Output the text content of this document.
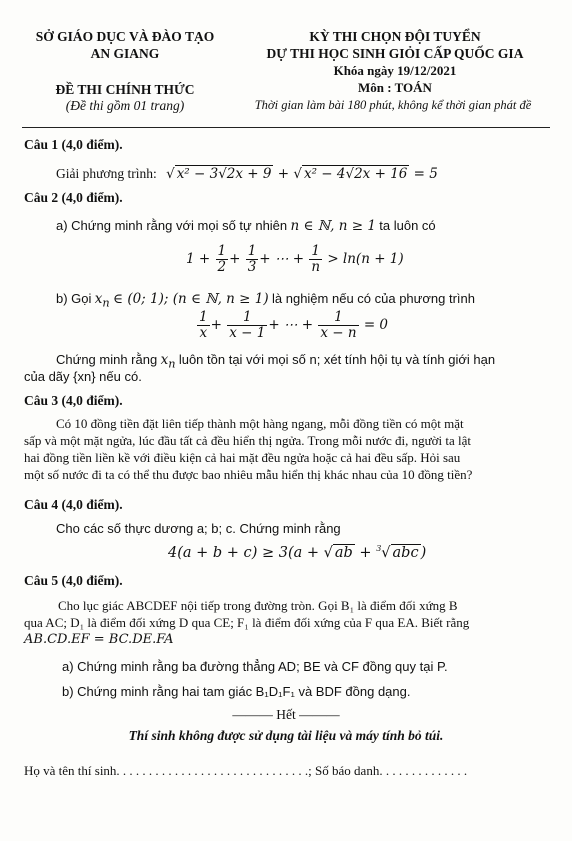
SỞ GIÁO DỤC VÀ ĐÀO TẠO
AN GIANG
ĐỀ THI CHÍNH THỨC
(Đề thi gồm 01 trang)
KỲ THI CHỌN ĐỘI TUYỂN
DỰ THI HỌC SINH GIỎI CẤP QUỐC GIA
Khóa ngày 19/12/2021
Môn : TOÁN
Thời gian làm bài 180 phút, không kể thời gian phát đề
Câu 1 (4,0 điểm).
Giải phương trình: √ x² − 3√2x + 9 + √ x² − 4√2x + 16 = 5
Câu 2 (4,0 điểm).
a) Chứng minh rằng với mọi số tự nhiên n ∈ ℕ, n ≥ 1 ta luôn có
$1 + \frac{1}{2} + \frac{1}{3}$ + ⋯ + $\frac{1}{n} > \ln(n + 1)$
b) Gọi $x_n$ ∈ (0; 1); (n ∈ ℕ, n ≥ 1) là nghiệm nếu có của phương trình
$\frac{1}{x} + \frac{1}{x - 1}$ + ⋯ + $\frac{1}{x - n} = 0$
Chứng minh rằng $x_n$ luôn tồn tại với mọi số n; xét tính hội tụ và tính giới hạn
của dãy {xn} nếu có.
Câu 3 (4,0 điểm).

Có 10 đồng tiền đặt liên tiếp thành một hàng ngang, mỗi đồng tiền có một mặt

sấp và một mặt ngửa, lúc đầu tất cả đều hiển thị ngửa. Trong mỗi nước đi, người ta lật

hai đồng tiền liền kề với điều kiện cả hai mặt đều ngửa hoặc cả hai đều sấp. Hỏi sau

một số nước đi ta có thể thu được bao nhiêu mẫu hiển thị khác nhau của 10 đồng tiền?

Câu 4 (4,0 điểm).
Cho các số thực dương a; b; c. Chứng minh rằng
4(a + b + c) ≥ 3(a + √ ab + $^3$√ abc )
Câu 5 (4,0 điểm).

Cho lục giác ABCDEF nội tiếp trong đường tròn. Gọi B₁ là điểm đối xứng B

qua AC; D₁ là điểm đối xứng D qua CE; F₁ là điểm đối xứng của F qua EA. Biết rằng

AB.CD.EF = BC.DE.FA

a) Chứng minh rằng ba đường thẳng AD; BE và CF đồng quy tại P.
b) Chứng minh rằng hai tam giác B₁D₁F₁ và BDF đồng dạng.
——— Hết ———
Thí sinh không được sử dụng tài liệu và máy tính bỏ túi.
Họ và tên thí sinh. . . . . . . . . . . . . . . . . . . . . . . . . . . . . .; Số báo danh. . . . . . . . . . . . . .
